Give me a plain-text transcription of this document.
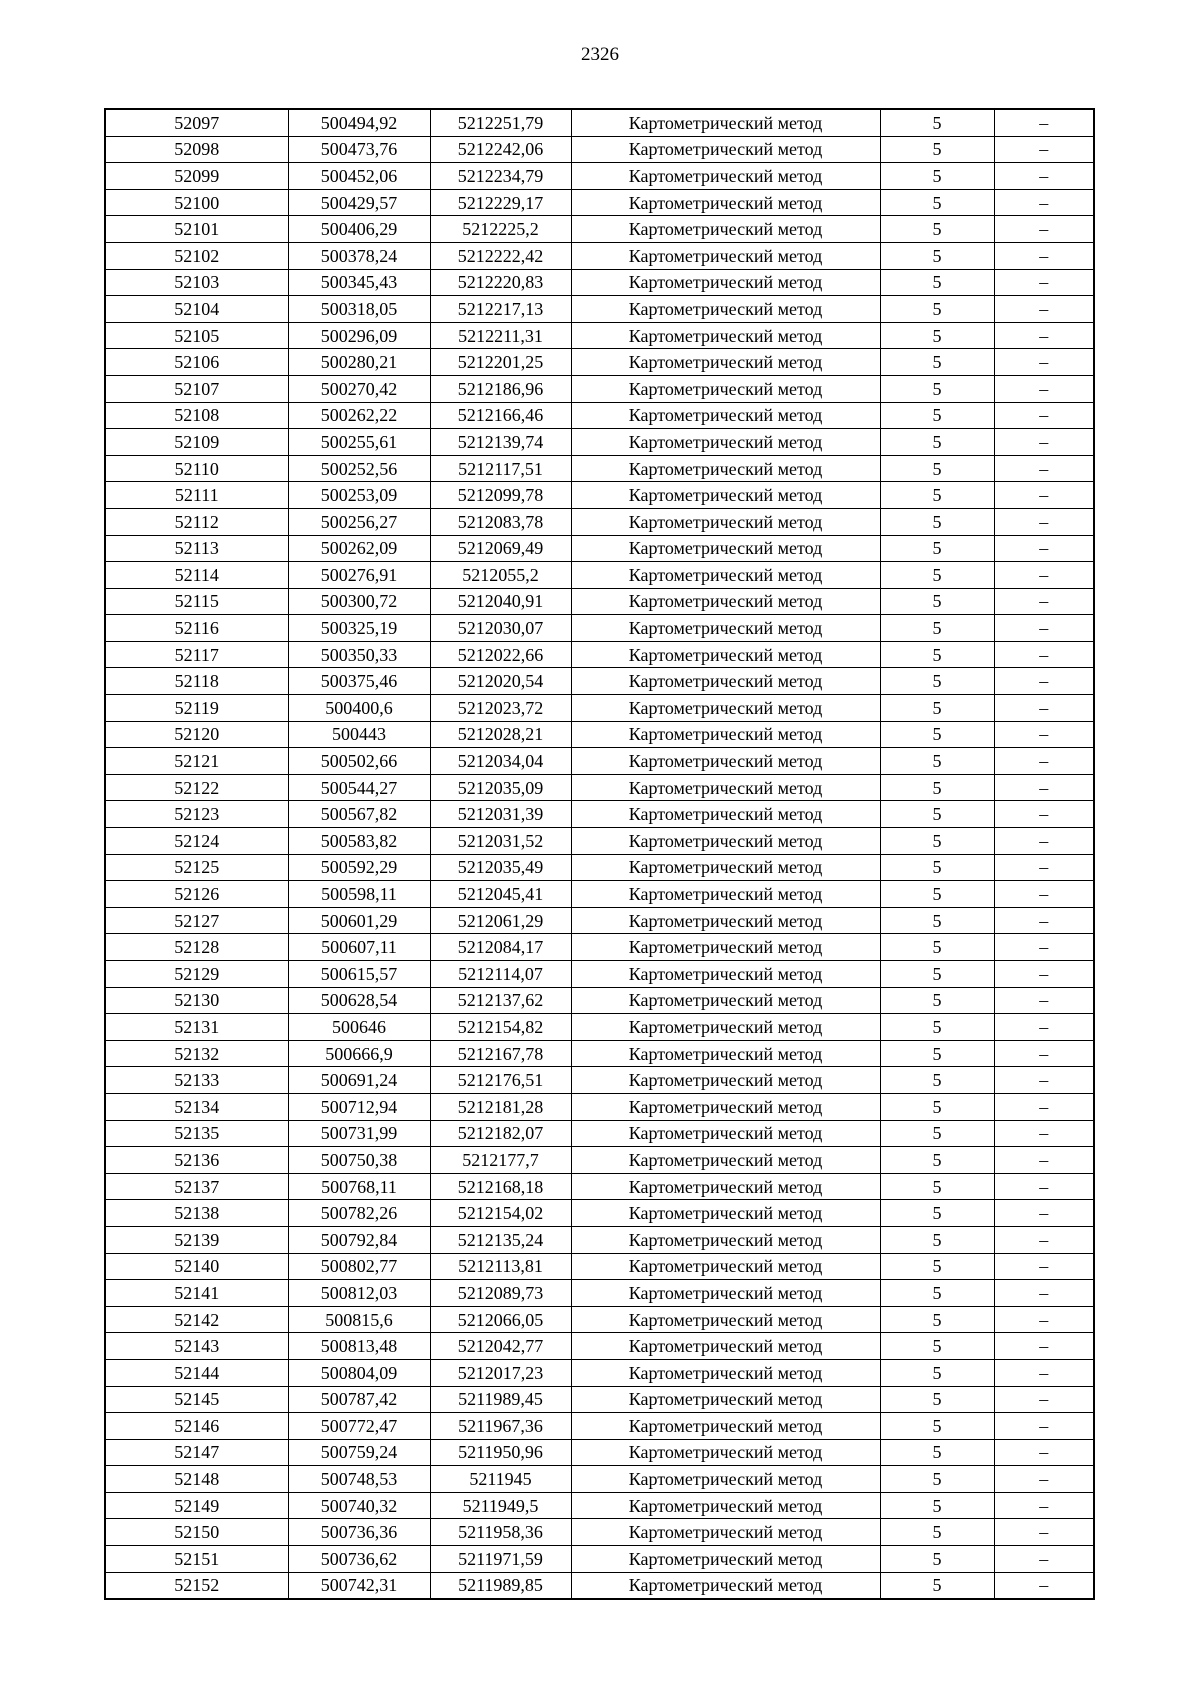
2326
52097	500494,92	5212251,79	Картометрический метод	5	–
52098	500473,76	5212242,06	Картометрический метод	5	–
52099	500452,06	5212234,79	Картометрический метод	5	–
52100	500429,57	5212229,17	Картометрический метод	5	–
52101	500406,29	5212225,2	Картометрический метод	5	–
52102	500378,24	5212222,42	Картометрический метод	5	–
52103	500345,43	5212220,83	Картометрический метод	5	–
52104	500318,05	5212217,13	Картометрический метод	5	–
52105	500296,09	5212211,31	Картометрический метод	5	–
52106	500280,21	5212201,25	Картометрический метод	5	–
52107	500270,42	5212186,96	Картометрический метод	5	–
52108	500262,22	5212166,46	Картометрический метод	5	–
52109	500255,61	5212139,74	Картометрический метод	5	–
52110	500252,56	5212117,51	Картометрический метод	5	–
52111	500253,09	5212099,78	Картометрический метод	5	–
52112	500256,27	5212083,78	Картометрический метод	5	–
52113	500262,09	5212069,49	Картометрический метод	5	–
52114	500276,91	5212055,2	Картометрический метод	5	–
52115	500300,72	5212040,91	Картометрический метод	5	–
52116	500325,19	5212030,07	Картометрический метод	5	–
52117	500350,33	5212022,66	Картометрический метод	5	–
52118	500375,46	5212020,54	Картометрический метод	5	–
52119	500400,6	5212023,72	Картометрический метод	5	–
52120	500443	5212028,21	Картометрический метод	5	–
52121	500502,66	5212034,04	Картометрический метод	5	–
52122	500544,27	5212035,09	Картометрический метод	5	–
52123	500567,82	5212031,39	Картометрический метод	5	–
52124	500583,82	5212031,52	Картометрический метод	5	–
52125	500592,29	5212035,49	Картометрический метод	5	–
52126	500598,11	5212045,41	Картометрический метод	5	–
52127	500601,29	5212061,29	Картометрический метод	5	–
52128	500607,11	5212084,17	Картометрический метод	5	–
52129	500615,57	5212114,07	Картометрический метод	5	–
52130	500628,54	5212137,62	Картометрический метод	5	–
52131	500646	5212154,82	Картометрический метод	5	–
52132	500666,9	5212167,78	Картометрический метод	5	–
52133	500691,24	5212176,51	Картометрический метод	5	–
52134	500712,94	5212181,28	Картометрический метод	5	–
52135	500731,99	5212182,07	Картометрический метод	5	–
52136	500750,38	5212177,7	Картометрический метод	5	–
52137	500768,11	5212168,18	Картометрический метод	5	–
52138	500782,26	5212154,02	Картометрический метод	5	–
52139	500792,84	5212135,24	Картометрический метод	5	–
52140	500802,77	5212113,81	Картометрический метод	5	–
52141	500812,03	5212089,73	Картометрический метод	5	–
52142	500815,6	5212066,05	Картометрический метод	5	–
52143	500813,48	5212042,77	Картометрический метод	5	–
52144	500804,09	5212017,23	Картометрический метод	5	–
52145	500787,42	5211989,45	Картометрический метод	5	–
52146	500772,47	5211967,36	Картометрический метод	5	–
52147	500759,24	5211950,96	Картометрический метод	5	–
52148	500748,53	5211945	Картометрический метод	5	–
52149	500740,32	5211949,5	Картометрический метод	5	–
52150	500736,36	5211958,36	Картометрический метод	5	–
52151	500736,62	5211971,59	Картометрический метод	5	–
52152	500742,31	5211989,85	Картометрический метод	5	–
